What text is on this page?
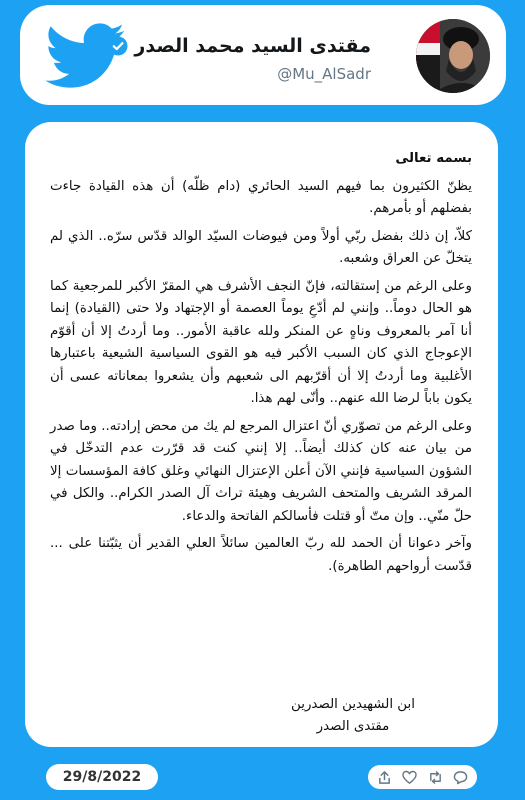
مقتدى السيد محمد الصدر
@Mu_AlSadr

بسمه تعالى

يظنّ الكثيرون بما فيهم السيد الحائري (دام ظلّه) أن هذه القيادة جاءت بفضلهم أو بأمرهم.

كلاّ، إن ذلك بفضل ربّي أولاً ومن فيوضات السيّد الوالد قدّس سرّه.. الذي لم يتخلّ عن العراق وشعبه.

وعلى الرغم من إستقالته، فإنّ النجف الأشرف هي المقرّ الأكبر للمرجعية كما هو الحال دوماً.. وإنني لم أدّعِ يوماً العصمة أو الإجتهاد ولا حتى (القيادة) إنما أنا آمر بالمعروف وناهٍ عن المنكر ولله عاقبة الأمور.. وما أردتُ إلا أن أقوّم الإعوجاج الذي كان السبب الأكبر فيه هو القوى السياسية الشيعية باعتبارها الأغلبية وما أردتُ إلا أن أقرّبهم الى شعبهم وأن يشعروا بمعاناته عسى أن يكون باباً لرضا الله عنهم.. وأنّى لهم هذا.

وعلى الرغم من تصوّري أنّ اعتزال المرجع لم يك من محض إرادته.. وما صدر من بيان عنه كان كذلك أيضاً.. إلا إنني كنت قد قرّرت عدم التدخّل في الشؤون السياسية فإنني الآن أعلن الإعتزال النهائي وغلق كافة المؤسسات إلا المرقد الشريف والمتحف الشريف وهيئة تراث آل الصدر الكرام.. والكل في حلّ منّي.. وإن متّ أو قتلت فأسالكم الفاتحة والدعاء.

وآخر دعوانا أن الحمد لله ربّ العالمين سائلاً العلي القدير أن يثبّتنا على ... قدّست أرواحهم الطاهرة).

ابن الشهيدين الصدرين
مقتدى الصدر
29/8/2022
